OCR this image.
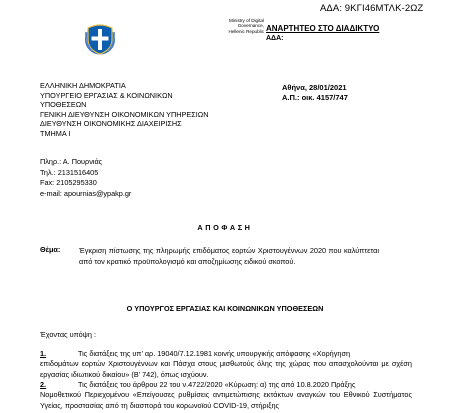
ΑΔΑ: 9ΚΓΙ46ΜΤΛΚ-2ΩΖ
Ministry of Digital
Governance,
Hellenic Republic ΑΝΑΡΤΗΤΕΟ ΣΤΟ ΔΙΑΔΙΚΤΥΟ
ΑΔΑ:
ΕΛΛΗΝΙΚΗ ΔΗΜΟΚΡΑΤΙΑ
ΥΠΟΥΡΓΕΙΟ ΕΡΓΑΣΙΑΣ & ΚΟΙΝΩΝΙΚΩΝ
ΥΠΟΘΕΣΕΩΝ
ΓΕΝΙΚΗ ΔΙΕΥΘΥΝΣΗ ΟΙΚΟΝΟΜΙΚΩΝ ΥΠΗΡΕΣΙΩΝ
ΔΙΕΥΘΥΝΣΗ ΟΙΚΟΝΟΜΙΚΗΣ ΔΙΑΧΕΙΡΙΣΗΣ
ΤΜΗΜΑ Ι
Αθήνα, 28/01/2021
Α.Π.: οικ. 4157/747
Πληρ.: Α. Πουρνιάς
Τηλ.: 2131516405
Fax: 2105295330
e-mail: apournias@ypakp.gr
ΑΠΟΦΑΣΗ
Θέμα:	Έγκριση πίστωσης της πληρωμής επιδόματος εορτών Χριστουγέννων 2020 που καλύπτεται από τον κρατικό προϋπολογισμό και αποζημίωσης ειδικού σκοπού.
Ο ΥΠΟΥΡΓΟΣ ΕΡΓΑΣΙΑΣ ΚΑΙ ΚΟΙΝΩΝΙΚΩΝ ΥΠΟΘΕΣΕΩΝ
Έχοντας υπόψη :
1.	Τις διατάξεις της υπ’ αρ. 19040/7.12.1981 κοινής υπουργικής απόφασης «Χορήγηση
επιδομάτων εορτών Χριστουγέννων και Πάσχα στους μισθωτούς όλης της χώρας που απασχολούνται με σχέση εργασίας ιδιωτικού δικαίου» (Β’ 742), όπως ισχύουν.
2.	Τις διατάξεις του άρθρου 22 του ν.4722/2020 «Κύρωση: α) της από 10.8.2020 Πράξης
Νομοθετικού Περιεχομένου «Επείγουσες ρυθμίσεις αντιμετώπισης εκτάκτων αναγκών του Εθνικού Συστήματος Υγείας, προστασίας από τη διασπορά του κορωνοϊού COVID-19, στήριξης
